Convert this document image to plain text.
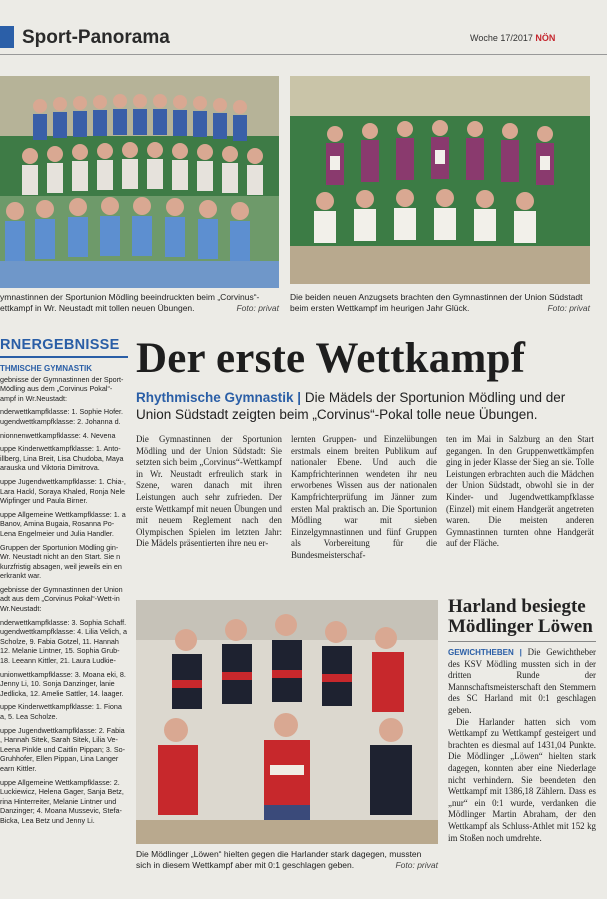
Sport-Panorama	Woche 17/2017 NÖN
ymnastinnen der Sportunion Mödling beeindruckten beim „Corvinus“-ettkampf in Wr. Neustadt mit tollen neuen Übungen.	Foto: privat
Die beiden neuen Anzugsets brachten den Gymnastinnen der Union Südstadt beim ersten Wettkampf im heurigen Jahr Glück.	Foto: privat
RNERGEBNISSE
THMISCHE GYMNASTIK

gebnisse der Gymnastinnen der Sport-Mödling aus dem „Corvinus Pokal“-ampf in Wr.Neustadt:

nderwettkampfklasse: 1. Sophie Hofer. ugendwettkampfklasse: 2. Johanna d.

nionnenwettkampfklasse: 4. Nevena

uppe Kinderwettkampfklasse: 1. Anto-illberg, Lina Breit, Lisa Chudoba, Maya arauska und Viktoria Dimitrova.

uppe Jugendwettkampfklasse: 1. Chia-, Lara Hackl, Soraya Khaled, Ronja Nele Wipfinger und Paula Birner.

uppe Allgemeine Wettkampfklasse: 1. a Banov, Amina Bugaia, Rosanna Po-Lena Engelmeier und Julia Handler.

Gruppen der Sportunion Mödling gin-Wr. Neustadt nicht an den Start. Sie n kurzfristig absagen, weil jeweils ein en erkrankt war.

gebnisse der Gymnastinnen der Union adt aus dem „Corvinus Pokal“-Wett-in Wr.Neustadt:

nderwettkampfklasse: 3. Sophia Schaff. ugendwettkampfklasse: 4. Lilia Velich, a Scholze, 9. Fabia Gotzel, 11. Hannah 12. Melanie Lintner, 15. Sophia Grub-18. Leeann Kittler, 21. Laura Ludkie-

unionwettkampfklasse: 3. Moana eki, 8. Jenny Li, 10. Sonja Danzinger, lanie Jedlicka, 12. Amelie Sattler, 14. laager.

uppe Kinderwettkampfklasse: 1. Fiona a, 5. Lea Scholze.

uppe Jugendwettkampfklasse: 2. Fabia , Hannah Sitek, Sarah Sitek, Lilia Ve-Leena Pinkle und Caitlin Pippan; 3. So-Gruhhofer, Ellen Pippan, Lina Langer earn Kittler.

uppe Allgemeine Wettkampfklasse: 2. Luckiewicz, Helena Gager, Sanja Betz, rina Hinterreiter, Melanie Lintner und Danzinger; 4. Moana Mussevic, Stefa-Bicka, Lea Betz und Jenny Li.

Der erste Wettkampf
Rhythmische Gymnastik | Die Mädels der Sportunion Mödling und der Union Südstadt zeigten beim „Corvinus“-Pokal tolle neue Übungen.
Die Gymnastinnen der Sportunion Mödling und der Union Südstadt: Sie setzten sich beim „Corvinus“-Wettkampf in Wr. Neustadt erfreulich stark in Szene, waren danach mit ihren Leistungen auch sehr zufrieden. Der erste Wettkampf mit neuen Übungen und mit neuem Reglement nach den Olympischen Spielen im letzten Jahr: Die Mädels präsentierten ihre neu er-
lernten Gruppen- und Einzelübungen erstmals einem breiten Publikum auf nationaler Ebene. Und auch die Kampfrichterinnen wendeten ihr neu erworbenes Wissen aus der nationalen Kampfrichterprüfung im Jänner zum ersten Mal praktisch an. Die Sportunion Mödling war mit sieben Einzelgymnastinnen und fünf Gruppen als Vorbereitung für die Bundesmeisterschaf-
ten im Mai in Salzburg an den Start gegangen. In den Gruppenwettkämpfen ging in jeder Klasse der Sieg an sie. Tolle Leistungen erbrachten auch die Mädchen der Union Südstadt, obwohl sie in der Kinder- und Jugendwettkampfklasse (Einzel) mit einem Handgerät angetreten waren. Die meisten anderen Gymnastinnen turnten ohne Handgerät auf der Fläche.
Die Mödlinger „Löwen“ hielten gegen die Harlander stark dagegen, mussten sich in diesem Wettkampf aber mit 0:1 geschlagen geben.	Foto: privat
Harland besiegte Mödlinger Löwen

GEWICHTHEBEN | Die Gewichtheber des KSV Mödling mussten sich in der dritten Runde der Mannschaftsmeisterschaft den Stemmern des SC Harland mit 0:1 geschlagen geben.

Die Harlander hatten sich vom Wettkampf zu Wettkampf gesteigert und brachten es diesmal auf 1431,04 Punkte. Die Mödlinger „Löwen“ hielten stark dagegen, konnten aber eine Niederlage nicht verhindern. Sie beendeten den Wettkampf mit 1386,18 Zählern. Dass es „nur“ ein 0:1 wurde, verdanken die Mödlinger Martin Abraham, der den Wettkampf als Schluss-Athlet mit 152 kg im Stoßen noch umdrehte.
